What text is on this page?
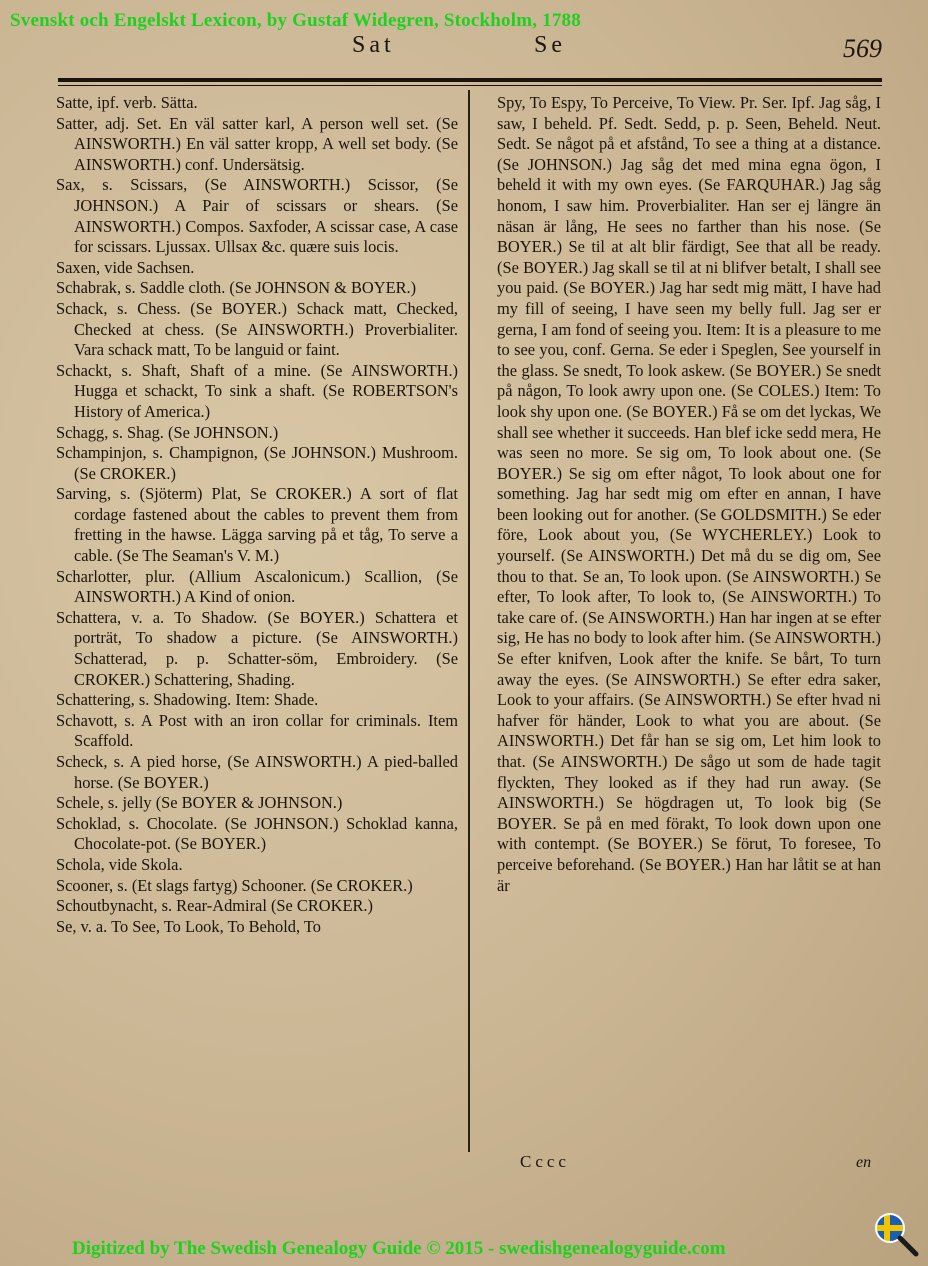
Svenskt och Engelskt Lexicon, by Gustaf Widegren, Stockholm, 1788
Sat	Se	569

Satte, ipf. verb. Sätta.

Satter, adj. Set. En väl satter karl, A person well set. (Se AINSWORTH.) En väl satter kropp, A well set body. (Se AINSWORTH.) conf. Undersätsig.

Sax, s. Scissars, (Se AINSWORTH.) Scissor, (Se JOHNSON.) A Pair of scissars or shears. (Se AINSWORTH.) Compos. Saxfoder, A scissar case, A case for scissars. Ljussax. Ullsax &c. quære suis locis.

Saxen, vide Sachsen.

Schabrak, s. Saddle cloth. (Se JOHNSON & BOYER.)

Schack, s. Chess. (Se BOYER.) Schack matt, Checked, Checked at chess. (Se AINSWORTH.) Proverbialiter. Vara schack matt, To be languid or faint.

Schackt, s. Shaft, Shaft of a mine. (Se AINSWORTH.) Hugga et schackt, To sink a shaft. (Se ROBERTSON's History of America.)

Schagg, s. Shag. (Se JOHNSON.)

Schampinjon, s. Champignon, (Se JOHNSON.) Mushroom. (Se CROKER.)

Sarving, s. (Sjöterm) Plat, Se CROKER.) A sort of flat cordage fastened about the cables to prevent them from fretting in the hawse. Lägga sarving på et tåg, To serve a cable. (Se The Seaman's V. M.)

Scharlotter, plur. (Allium Ascalonicum.) Scallion, (Se AINSWORTH.) A Kind of onion.

Schattera, v. a. To Shadow. (Se BOYER.) Schattera et porträt, To shadow a picture. (Se AINSWORTH.) Schatterad, p. p. Schatter-söm, Embroidery. (Se CROKER.) Schattering, Shading.

Schattering, s. Shadowing. Item: Shade.

Schavott, s. A Post with an iron collar for criminals. Item Scaffold.

Scheck, s. A pied horse, (Se AINSWORTH.) A pied-balled horse. (Se BOYER.)

Schele, s. jelly (Se BOYER & JOHNSON.)

Schoklad, s. Chocolate. (Se JOHNSON.) Schoklad kanna, Chocolate-pot. (Se BOYER.)

Schola, vide Skola.

Scooner, s. (Et slags fartyg) Schooner. (Se CROKER.)

Schoutbynacht, s. Rear-Admiral (Se CROKER.)

Se, v. a. To See, To Look, To Behold, To

Spy, To Espy, To Perceive, To View. Pr. Ser. Ipf. Jag såg, I saw, I beheld. Pf. Sedt. Sedd, p. p. Seen, Beheld. Neut. Sedt. Se något på et afstånd, To see a thing at a distance. (Se JOHNSON.) Jag såg det med mina egna ögon, I beheld it with my own eyes. (Se FARQUHAR.) Jag såg honom, I saw him. Proverbialiter. Han ser ej längre än näsan är lång, He sees no farther than his nose. (Se BOYER.) Se til at alt blir färdigt, See that all be ready. (Se BOYER.) Jag skall se til at ni blifver betalt, I shall see you paid. (Se BOYER.) Jag har sedt mig mätt, I have had my fill of seeing, I have seen my belly full. Jag ser er gerna, I am fond of seeing you. Item: It is a pleasure to me to see you, conf. Gerna. Se eder i Speglen, See yourself in the glass. Se snedt, To look askew. (Se BOYER.) Se snedt på någon, To look awry upon one. (Se COLES.) Item: To look shy upon one. (Se BOYER.) Få se om det lyckas, We shall see whether it succeeds. Han blef icke sedd mera, He was seen no more. Se sig om, To look about one. (Se BOYER.) Se sig om efter något, To look about one for something. Jag har sedt mig om efter en annan, I have been looking out for another. (Se GOLDSMITH.) Se eder före, Look about you, (Se WYCHERLEY.) Look to yourself. (Se AINSWORTH.) Det må du se dig om, See thou to that. Se an, To look upon. (Se AINSWORTH.) Se efter, To look after, To look to, (Se AINSWORTH.) To take care of. (Se AINSWORTH.) Han har ingen at se efter sig, He has no body to look after him. (Se AINSWORTH.) Se efter knifven, Look after the knife. Se bårt, To turn away the eyes. (Se AINSWORTH.) Se efter edra saker, Look to your affairs. (Se AINSWORTH.) Se efter hvad ni hafver för händer, Look to what you are about. (Se AINSWORTH.) Det får han se sig om, Let him look to that. (Se AINSWORTH.) De sågo ut som de hade tagit flyckten, They looked as if they had run away. (Se AINSWORTH.) Se högdragen ut, To look big (Se BOYER. Se på en med förakt, To look down upon one with contempt. (Se BOYER.) Se förut, To foresee, To perceive beforehand. (Se BOYER.) Han har låtit se at han är

Cccc	en
Digitized by The Swedish Genealogy Guide © 2015 - swedishgenealogyguide.com
